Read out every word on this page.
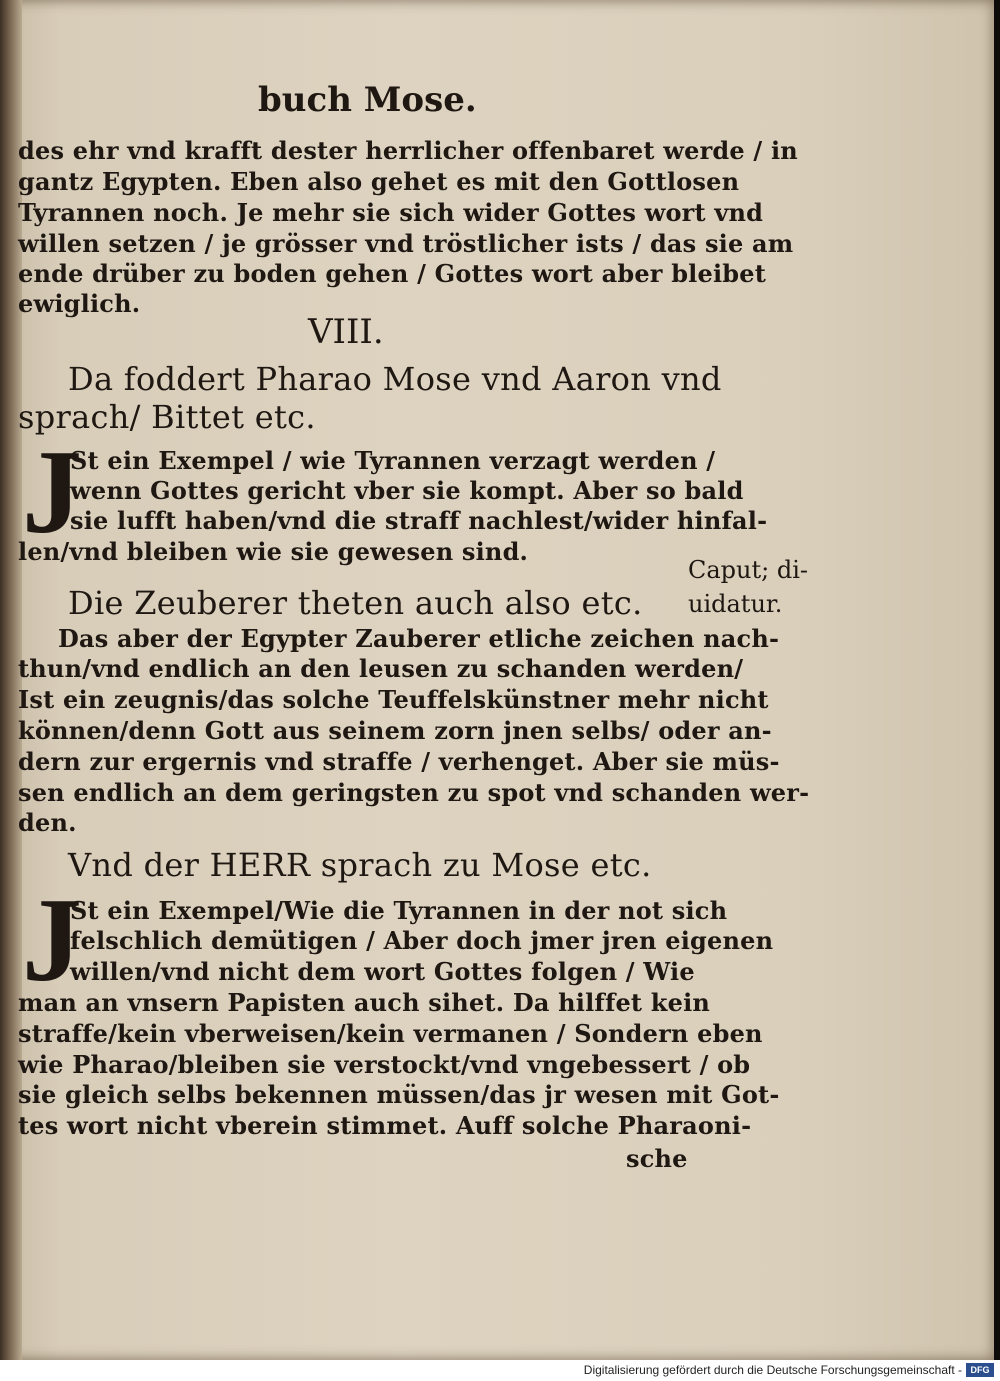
buch Mose.
des ehr vnd krafft dester herrlicher offenbaret werde / in
gantz Egypten. Eben also gehet es mit den Gottlosen
Tyrannen noch. Je mehr sie sich wider Gottes wort vnd
willen setzen / je grösser vnd tröstlicher ists / das sie am
ende drüber zu boden gehen / Gottes wort aber bleibet
ewiglich.
VIII.
Da foddert Pharao Mose vnd Aaron vnd
sprach/ Bittet etc.
J
St ein Exempel / wie Tyrannen verzagt werden /
wenn Gottes gericht vber sie kompt. Aber so bald
sie lufft haben/vnd die straff nachlest/wider hinfal-
len/vnd bleiben wie sie gewesen sind.
Die Zeuberer theten auch also etc.
Caput; di-
uidatur.
Das aber der Egypter Zauberer etliche zeichen nach-
thun/vnd endlich an den leusen zu schanden werden/
Ist ein zeugnis/das solche Teuffelskünstner mehr nicht
können/denn Gott aus seinem zorn jnen selbs/ oder an-
dern zur ergernis vnd straffe / verhenget. Aber sie müs-
sen endlich an dem geringsten zu spot vnd schanden wer-
den.
Vnd der HERR sprach zu Mose etc.
J
St ein Exempel/Wie die Tyrannen in der not sich
felschlich demütigen / Aber doch jmer jren eigenen
willen/vnd nicht dem wort Gottes folgen / Wie
man an vnsern Papisten auch sihet. Da hilffet kein
straffe/kein vberweisen/kein vermanen / Sondern eben
wie Pharao/bleiben sie verstockt/vnd vngebessert / ob
sie gleich selbs bekennen müssen/das jr wesen mit Got-
tes wort nicht vberein stimmet. Auff solche Pharaoni-
sche
Digitalisierung gefördert durch die Deutsche Forschungsgemeinschaft - DFG
